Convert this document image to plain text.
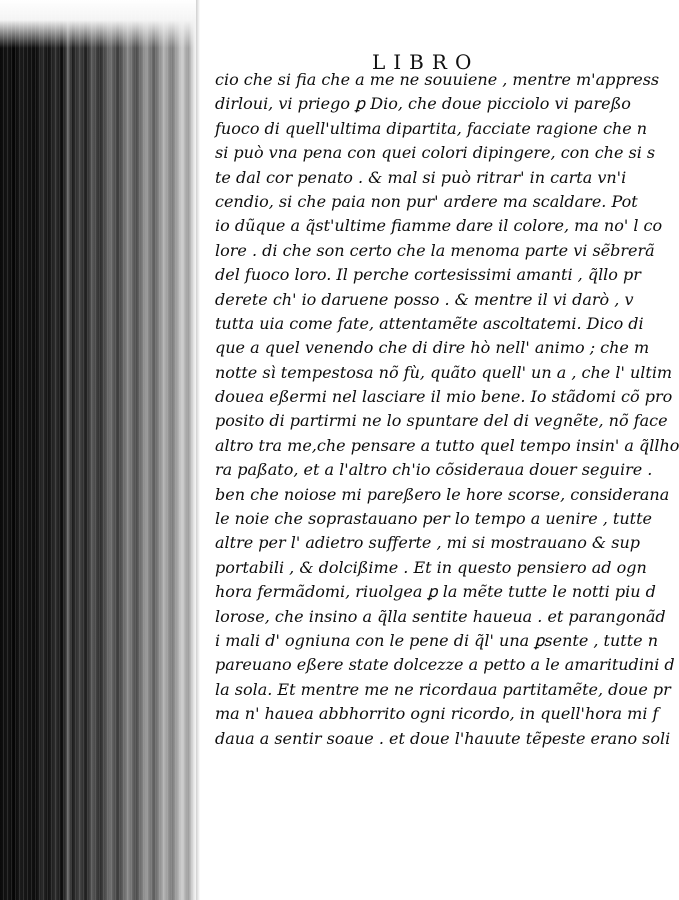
LIBRO
cio che si fia che a me ne souuiene , mentre m'appress
dirloui, vi priego ꝑ Dio, che doue picciolo vi pareßo
fuoco di quell'ultima dipartita, facciate ragione che n
si può vna pena con quei colori dipingere, con che si s
te dal cor penato . & mal si può ritrar' in carta vn'i
cendio, si che paia non pur' ardere ma scaldare. Pot
io dũque a q̃st'ultime fiamme dare il colore, ma no' l co
lore . di che son certo che la menoma parte vi sẽbrerã
del fuoco loro. Il perche cortesissimi amanti , q̃llo pr
derete ch' io daruene posso . & mentre il vi darò , v
tutta uia come fate, attentamẽte ascoltatemi. Dico di
que a quel venendo che di dire hò nell' animo ; che m
notte sì tempestosa nõ fù, quãto quell' un a , che l' ultim
doueа eßermi nel lasciare il mio bene. Io stãdomi cõ pro
posito di partirmi ne lo spuntare del di vegnẽte, nõ face
altro tra me,che pensare a tutto quel tempo insin' a q̃llho
ra paßato, et a l'altro ch'io cõsideraua douer seguire .
ben che noiose mi pareßero le hore scorse, considerana
le noie che soprastauano per lo tempo a uenire , tutte
altre per l' adietro sufferte , mi si mostrauano & sup
portabili , & dolcißime . Et in questo pensiero ad ogn
hora fermãdomi, riuolgea ꝑ la mẽte tutte le notti piu d
lorose, che insino a q̃lla sentite haueua . et parangonãd
i mali d' ogniuna con le pene di q̃l' una ꝑsente , tutte n
pareuano eßere state dolcezze a petto a le amaritudini d
la sola. Et mentre me ne ricordaua partitamẽte, doue pr
ma n' haueа abbhorrito ogni ricordo, in quell'hora mi f
daua a sentir soaue . et doue l'hauute tẽpeste erano soli
